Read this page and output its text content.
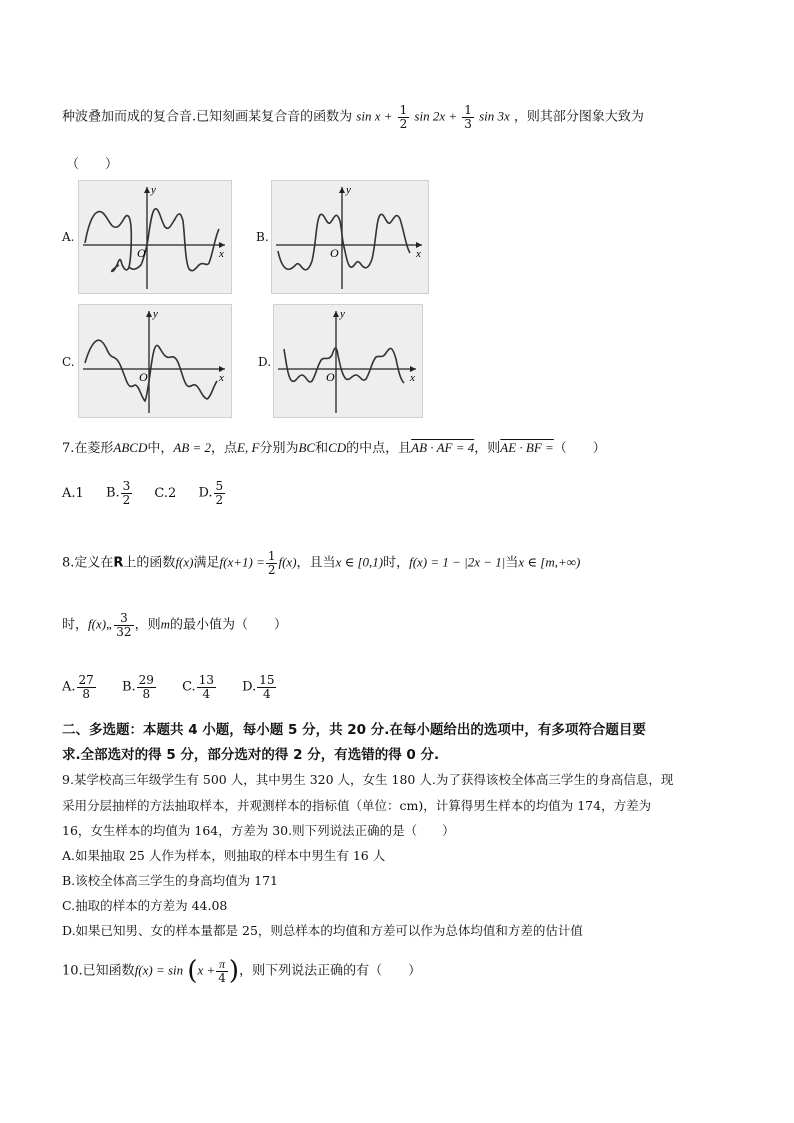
种波叠加而成的复合音.已知刻画某复合音的函数为 $\sin x + \frac{1}{2}$ $\sin 2x + \frac{1}{3}$ sin 3x ，则其部分图象大致为
（　　）
A.	B.
C.	D.
y
x
O
y
x
O
y
x
O
y
x
O
7.在菱形ABCD中，AB = 2，点E, F分别为BC和CD的中点，且AB · AF = 4，则AE · BF =（　　）
A.1 B. $\frac{3}{2} C.2$ D. $\frac{5}{2}$
8.定义在R上的函数f(x)满足$f(x+1) = \frac{1}{2} f(x)$，且当x ∈ [0,1)时，f(x) = 1 − |2x − 1|当x ∈ [m,+∞)
时，f(x)„ $\frac{3}{32}$ ，则m的最小值为（　　）
A. $\frac{27}{8} B$. $\frac{29}{8} C$. $\frac{13}{4} D$. $\frac{15}{4}$
二、多选题：本题共 4 小题，每小题 5 分，共 20 分.在每小题给出的选项中，有多项符合题目要
求.全部选对的得 5 分，部分选对的得 2 分，有选错的得 0 分.
9.某学校高三年级学生有 500 人，其中男生 320 人，女生 180 人.为了获得该校全体高三学生的身高信息，现
采用分层抽样的方法抽取样本，并观测样本的指标值（单位：cm)，计算得男生样本的均值为 174，方差为
16，女生样本的均值为 164，方差为 30.则下列说法正确的是（　　）
A.如果抽取 25 人作为样本，则抽取的样本中男生有 16 人
B.该校全体高三学生的身高均值为 171
C.抽取的样本的方差为 44.08
D.如果已知男、女的样本量都是 25，则总样本的均值和方差可以作为总体均值和方差的估计值
10.已知函数$f(x) = \sin (x + \frac{\pi}{4}$ )，则下列说法正确的有（　　）
